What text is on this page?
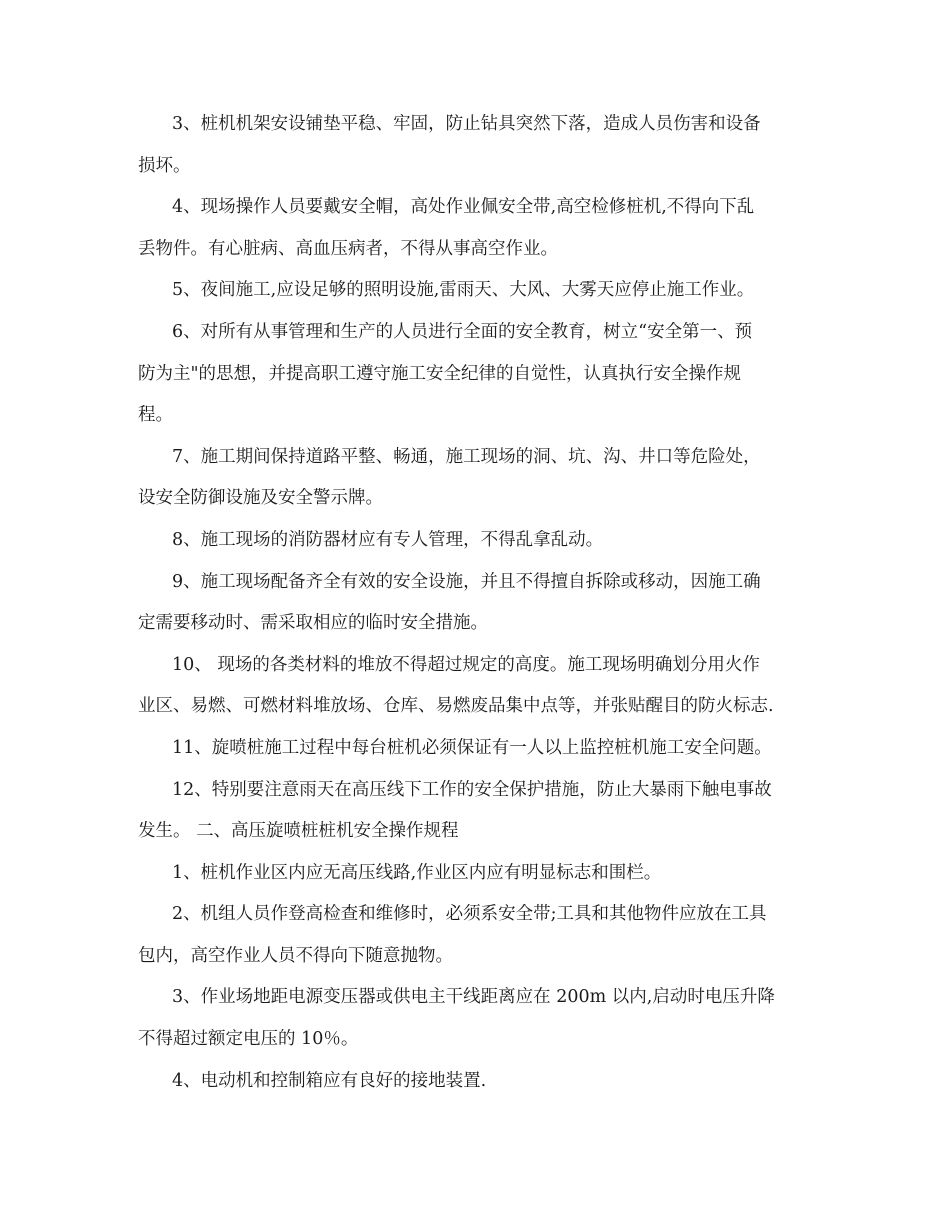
3、桩机机架安设铺垫平稳、牢固，防止钻具突然下落，造成人员伤害和设备
损坏。
4、现场操作人员要戴安全帽，高处作业佩安全带,高空检修桩机,不得向下乱
丢物件。有心脏病、高血压病者，不得从事高空作业。
5、夜间施工,应设足够的照明设施,雷雨天、大风、大雾天应停止施工作业。
6、对所有从事管理和生产的人员进行全面的安全教育，树立“安全第一、预
防为主"的思想，并提高职工遵守施工安全纪律的自觉性，认真执行安全操作规
程。
7、施工期间保持道路平整、畅通，施工现场的洞、坑、沟、井口等危险处，
设安全防御设施及安全警示牌。
8、施工现场的消防器材应有专人管理，不得乱拿乱动。
9、施工现场配备齐全有效的安全设施，并且不得擅自拆除或移动，因施工确
定需要移动时、需采取相应的临时安全措施。
10、 现场的各类材料的堆放不得超过规定的高度。施工现场明确划分用火作
业区、易燃、可燃材料堆放场、仓库、易燃废品集中点等，并张贴醒目的防火标志.
11、旋喷桩施工过程中每台桩机必须保证有一人以上监控桩机施工安全问题。
12、特别要注意雨天在高压线下工作的安全保护措施，防止大暴雨下触电事故
发生。 二、高压旋喷桩桩机安全操作规程
1、桩机作业区内应无高压线路,作业区内应有明显标志和围栏。
2、机组人员作登高检查和维修时，必须系安全带;工具和其他物件应放在工具
包内，高空作业人员不得向下随意抛物。
3、作业场地距电源变压器或供电主干线距离应在 200m 以内,启动时电压升降
不得超过额定电压的 10％。
4、电动机和控制箱应有良好的接地装置.
